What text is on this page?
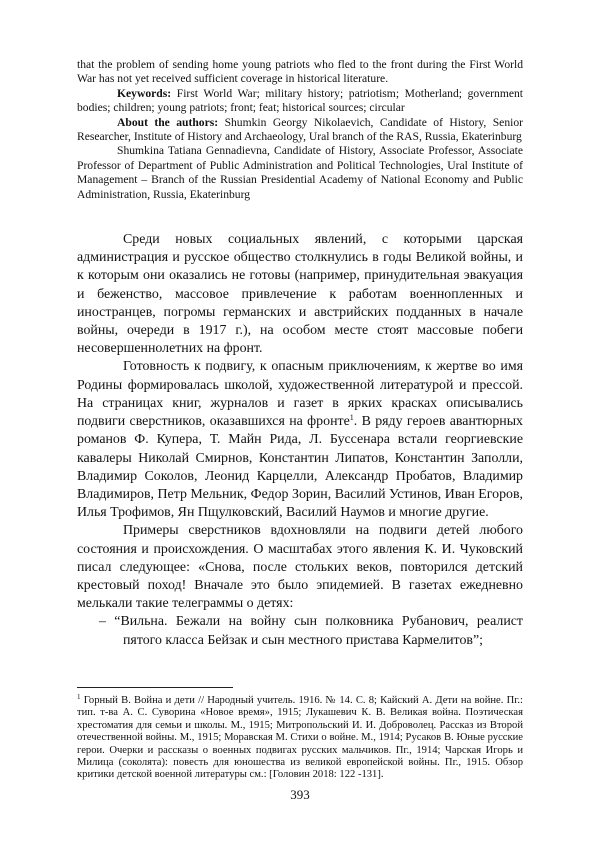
that the problem of sending home young patriots who fled to the front during the First World War has not yet received sufficient coverage in historical literature.

Keywords: First World War; military history; patriotism; Motherland; government bodies; children; young patriots; front; feat; historical sources; circular

About the authors: Shumkin Georgy Nikolaevich, Candidate of History, Senior Researcher, Institute of History and Archaeology, Ural branch of the RAS, Russia, Ekaterinburg

Shumkina Tatiana Gennadievna, Candidate of History, Associate Professor, Associate Professor of Department of Public Administration and Political Technologies, Ural Institute of Management – Branch of the Russian Presidential Academy of National Economy and Public Administration, Russia, Ekaterinburg

Среди новых социальных явлений, с которыми царская администрация и русское общество столкнулись в годы Великой войны, и к которым они оказались не готовы (например, принудительная эвакуация и беженство, массовое привлечение к работам военнопленных и иностранцев, погромы германских и австрийских подданных в начале войны, очереди в 1917 г.), на особом месте стоят массовые побеги несовершеннолетних на фронт.

Готовность к подвигу, к опасным приключениям, к жертве во имя Родины формировалась школой, художественной литературой и прессой. На страницах книг, журналов и газет в ярких красках описывались подвиги сверстников, оказавшихся на фронте$^1$. В ряду героев авантюрных романов Ф. Купера, Т. Майн Рида, Л. Буссенара встали георгиевские кавалеры Николай Смирнов, Константин Липатов, Константин Заполли, Владимир Соколов, Леонид Карцелли, Александр Пробатов, Владимир Владимиров, Петр Мельник, Федор Зорин, Василий Устинов, Иван Егоров, Илья Трофимов, Ян Пщулковский, Василий Наумов и многие другие.

Примеры сверстников вдохновляли на подвиги детей любого состояния и происхождения. О масштабах этого явления К. И. Чуковский писал следующее: «Снова, после стольких веков, повторился детский крестовый поход! Вначале это было эпидемией. В газетах ежедневно мелькали такие телеграммы о детях:

– “Вильна. Бежали на войну сын полковника Рубанович, реалист пятого класса Бейзак и сын местного пристава Кармелитов”;

$^1$ Горный В. Война и дети // Народный учитель. 1916. № 14. С. 8; Кайский А. Дети на войне. Пг.: тип. т-ва А. С. Суворина «Новое время», 1915; Лукашевич К. В. Великая война. Поэтическая хрестоматия для семьи и школы. М., 1915; Митропольский И. И. Доброволец. Рассказ из Второй отечественной войны. М., 1915; Моравская М. Стихи о войне. М., 1914; Русаков В. Юные русские герои. Очерки и рассказы о военных подвигах русских мальчиков. Пг., 1914; Чарская Игорь и Милица (соколята): повесть для юношества из великой европейской войны. Пг., 1915. Обзор критики детской военной литературы см.: [Головин 2018: 122 -131].

393
